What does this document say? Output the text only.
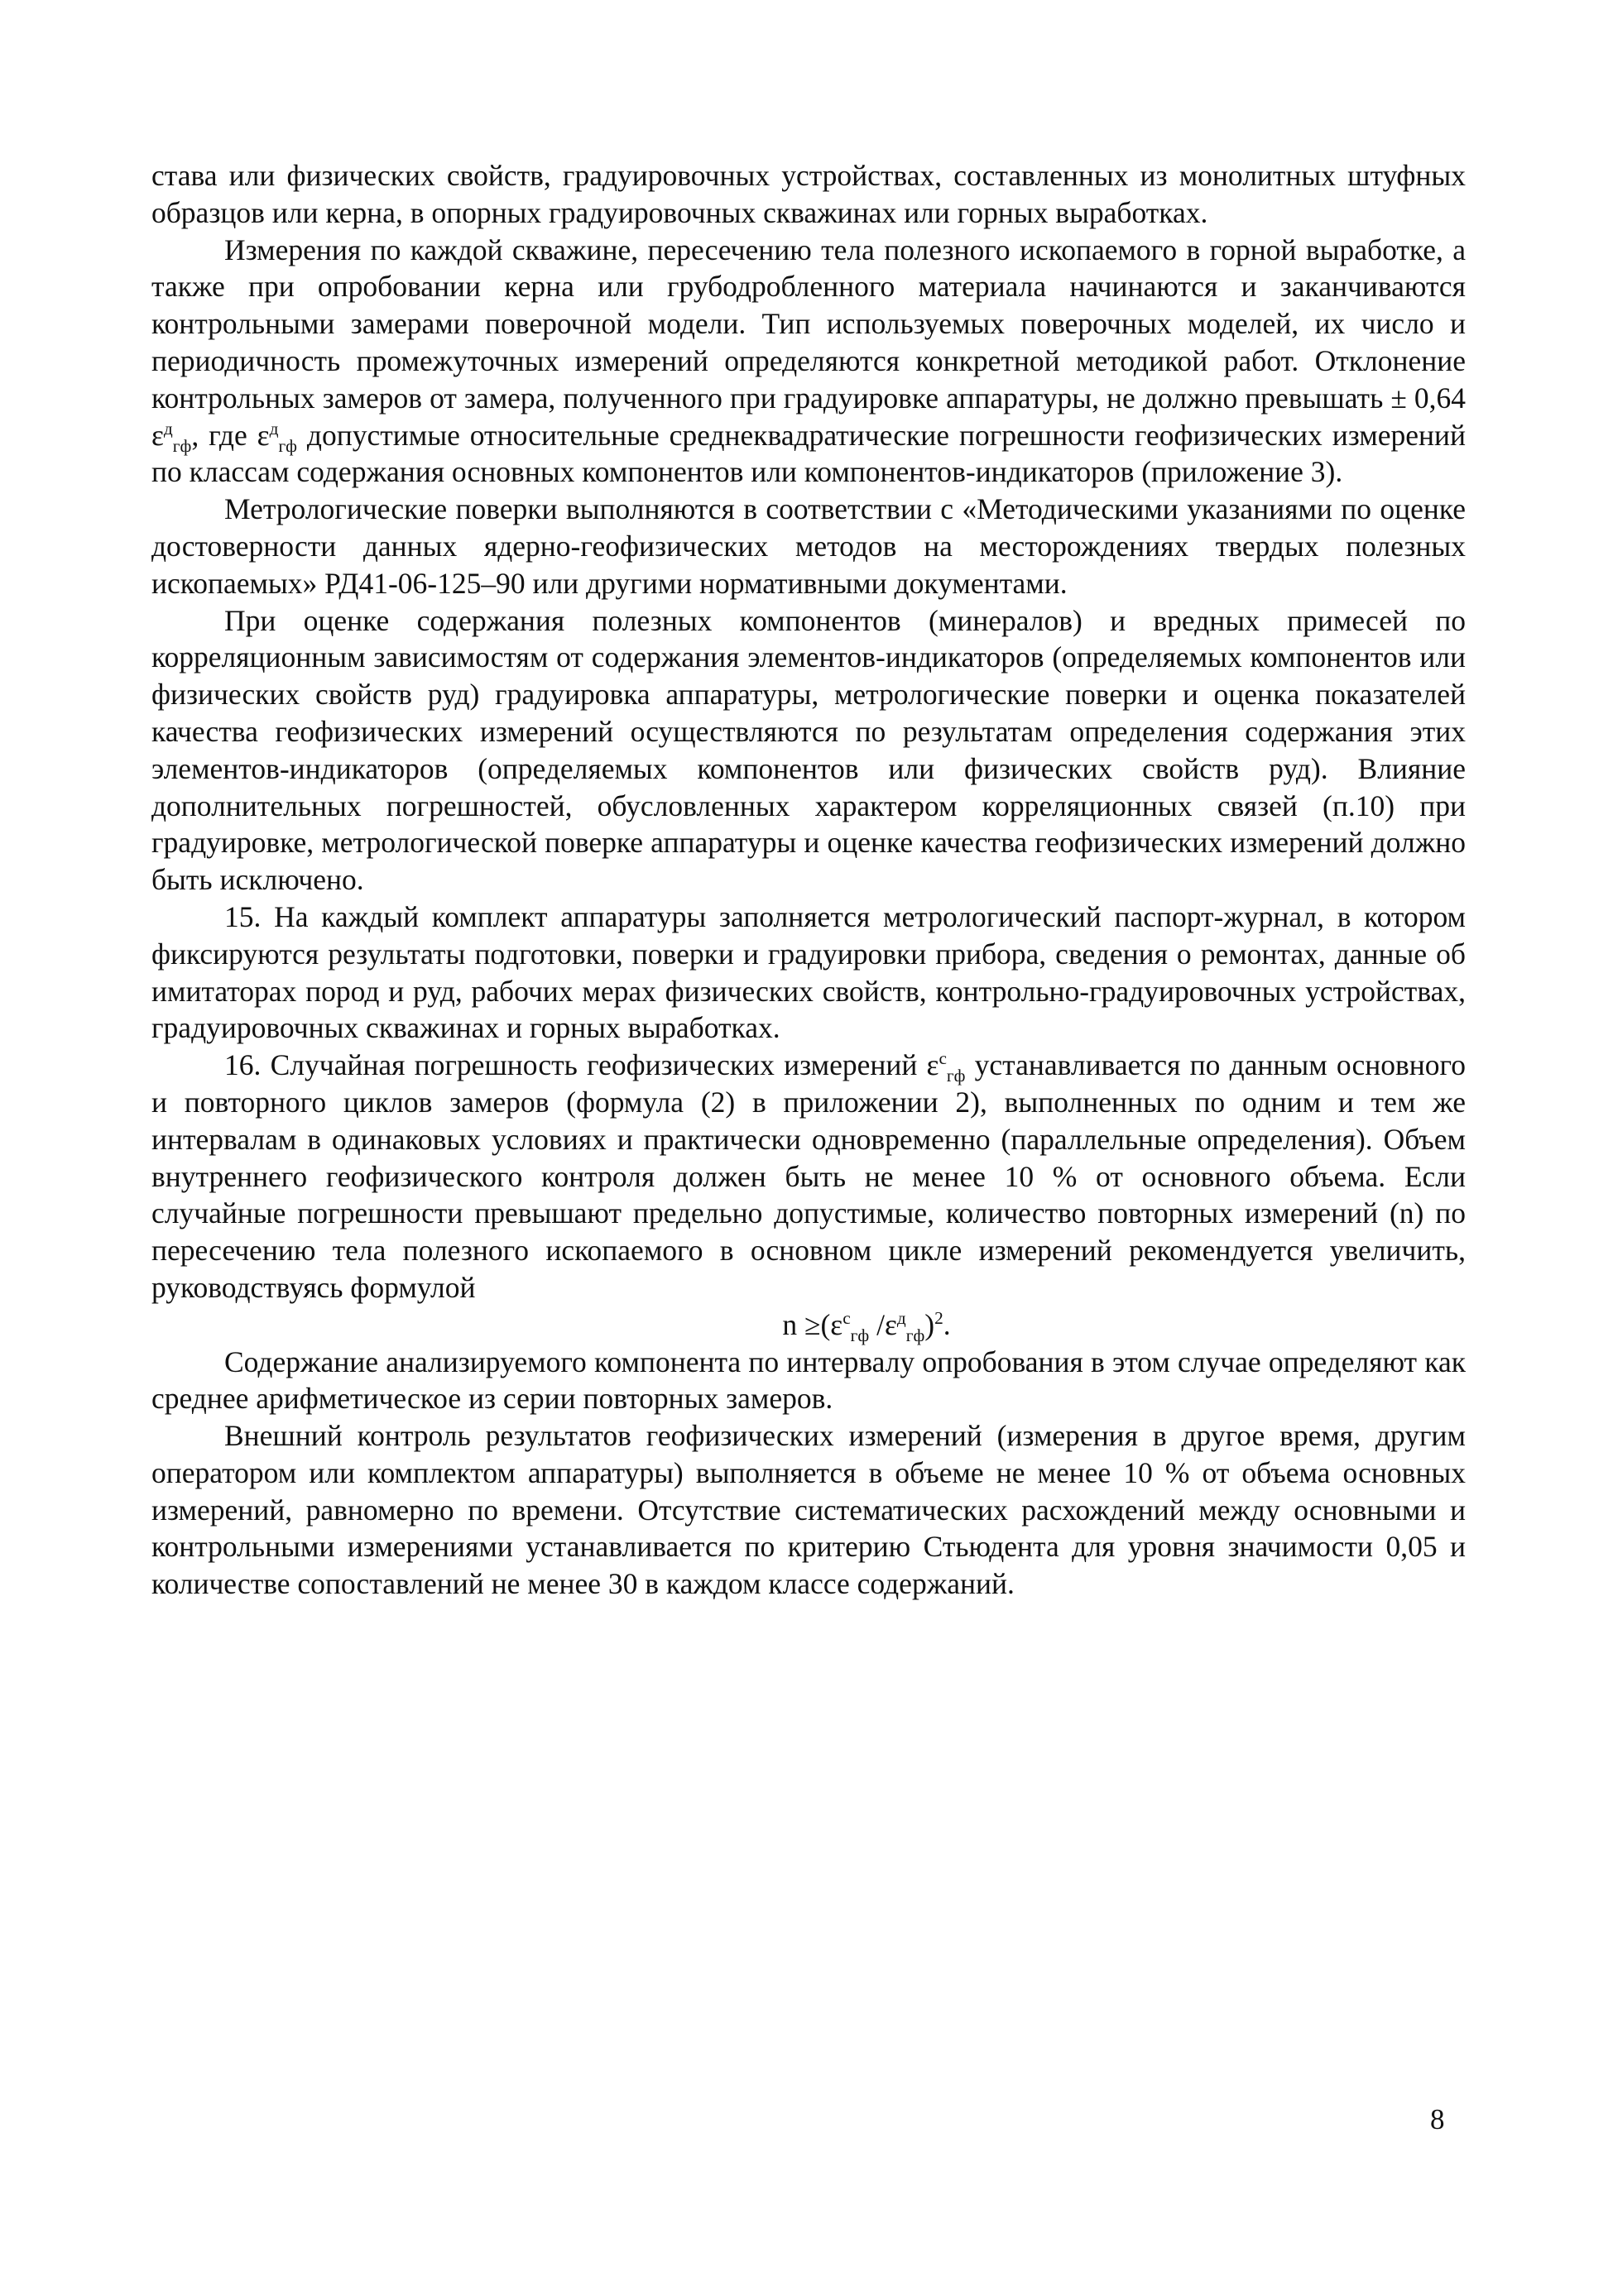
става или физических свойств, градуировочных устройствах, составленных из монолитных штуфных образцов или керна, в опорных градуировочных скважинах или горных выработках.

Измерения по каждой скважине, пересечению тела полезного ископаемого в горной выработке, а также при опробовании керна или грубодробленного материала начинаются и заканчиваются контрольными замерами поверочной модели. Тип используемых поверочных моделей, их число и периодичность промежуточных измерений определяются конкретной методикой работ. Отклонение контрольных замеров от замера, полученного при градуировке аппаратуры, не должно превышать ± 0,64 $\varepsilon^д_{гф}$, где $\varepsilon^д_{гф}$ допустимые относительные среднеквадратические погрешности геофизических измерений по классам содержания основных компонентов или компонентов-индикаторов (приложение 3).

Метрологические поверки выполняются в соответствии с «Методическими указаниями по оценке достоверности данных ядерно-геофизических методов на месторождениях твердых полезных ископаемых» РД41-06-125–90 или другими нормативными документами.

При оценке содержания полезных компонентов (минералов) и вредных примесей по корреляционным зависимостям от содержания элементов-индикаторов (определяемых компонентов или физических свойств руд) градуировка аппаратуры, метрологические поверки и оценка показателей качества геофизических измерений осуществляются по результатам определения содержания этих элементов-индикаторов (определяемых компонентов или физических свойств руд). Влияние дополнительных погрешностей, обусловленных характером корреляционных связей (п.10) при градуировке, метрологической поверке аппаратуры и оценке качества геофизических измерений должно быть исключено.

15. На каждый комплект аппаратуры заполняется метрологический паспорт-журнал, в котором фиксируются результаты подготовки, поверки и градуировки прибора, сведения о ремонтах, данные об имитаторах пород и руд, рабочих мерах физических свойств, контрольно-градуировочных устройствах, градуировочных скважинах и горных выработках.

16. Случайная погрешность геофизических измерений $\varepsilon^с_{гф}$ устанавливается по данным основного и повторного циклов замеров (формула (2) в приложении 2), выполненных по одним и тем же интервалам в одинаковых условиях и практически одновременно (параллельные определения). Объем внутреннего геофизического контроля должен быть не менее 10 % от основного объема. Если случайные погрешности превышают предельно допустимые, количество повторных измерений (n) по пересечению тела полезного ископаемого в основном цикле измерений рекомендуется увеличить, руководствуясь формулой

$n \ge(\varepsilon^с_{гф}$ $/\varepsilon^д_{гф})^2$.

Содержание анализируемого компонента по интервалу опробования в этом случае определяют как среднее арифметическое из серии повторных замеров.

Внешний контроль результатов геофизических измерений (измерения в другое время, другим оператором или комплектом аппаратуры) выполняется в объеме не менее 10 % от объема основных измерений, равномерно по времени. Отсутствие систематических расхождений между основными и контрольными измерениями устанавливается по критерию Стьюдента для уровня значимости 0,05 и количестве сопоставлений не менее 30 в каждом классе содержаний.

8
